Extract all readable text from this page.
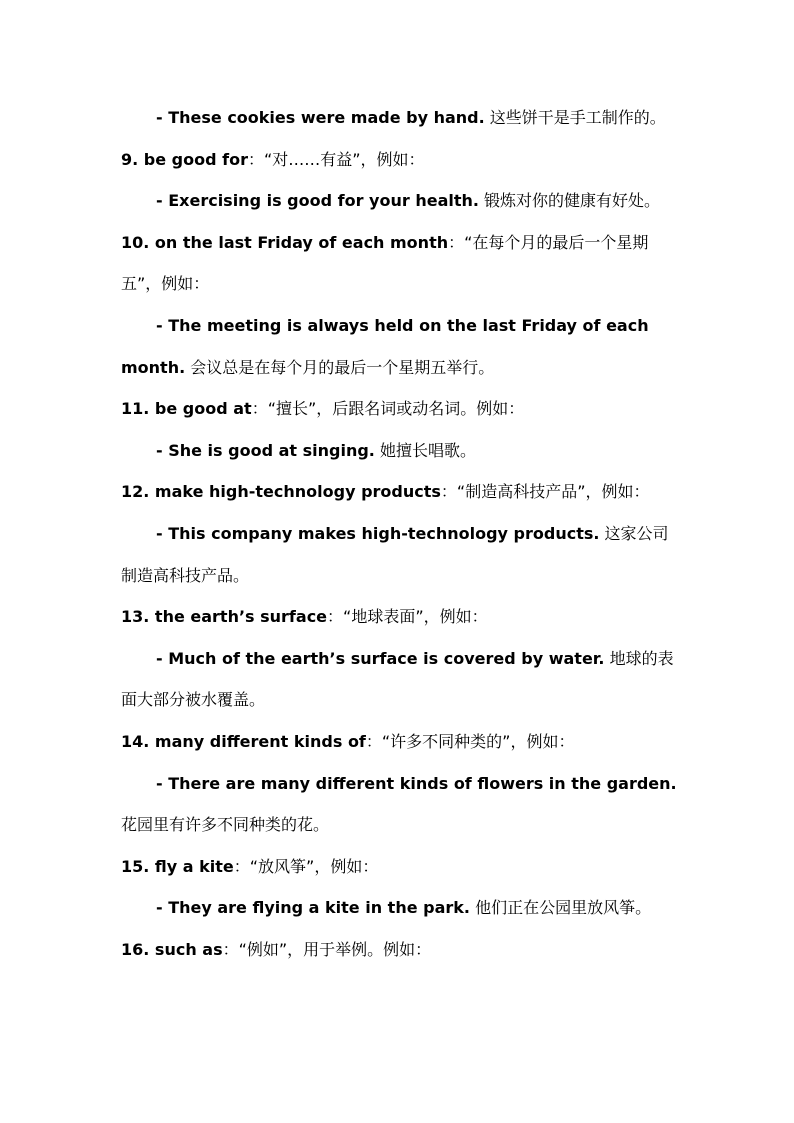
- These cookies were made by hand. 这些饼干是手工制作的。

9. be good for：“对……有益”，例如：

- Exercising is good for your health. 锻炼对你的健康有好处。

10. on the last Friday of each month：“在每个月的最后一个星期五”，例如：

- The meeting is always held on the last Friday of each month. 会议总是在每个月的最后一个星期五举行。

11. be good at：“擅长”，后跟名词或动名词。例如：

- She is good at singing. 她擅长唱歌。

12. make high-technology products：“制造高科技产品”，例如：

- This company makes high-technology products. 这家公司制造高科技产品。

13. the earth’s surface：“地球表面”，例如：

- Much of the earth’s surface is covered by water. 地球的表面大部分被水覆盖。

14. many different kinds of：“许多不同种类的”，例如：

- There are many different kinds of flowers in the garden. 花园里有许多不同种类的花。

15. fly a kite：“放风筝”，例如：

- They are flying a kite in the park. 他们正在公园里放风筝。

16. such as：“例如”，用于举例。例如：
